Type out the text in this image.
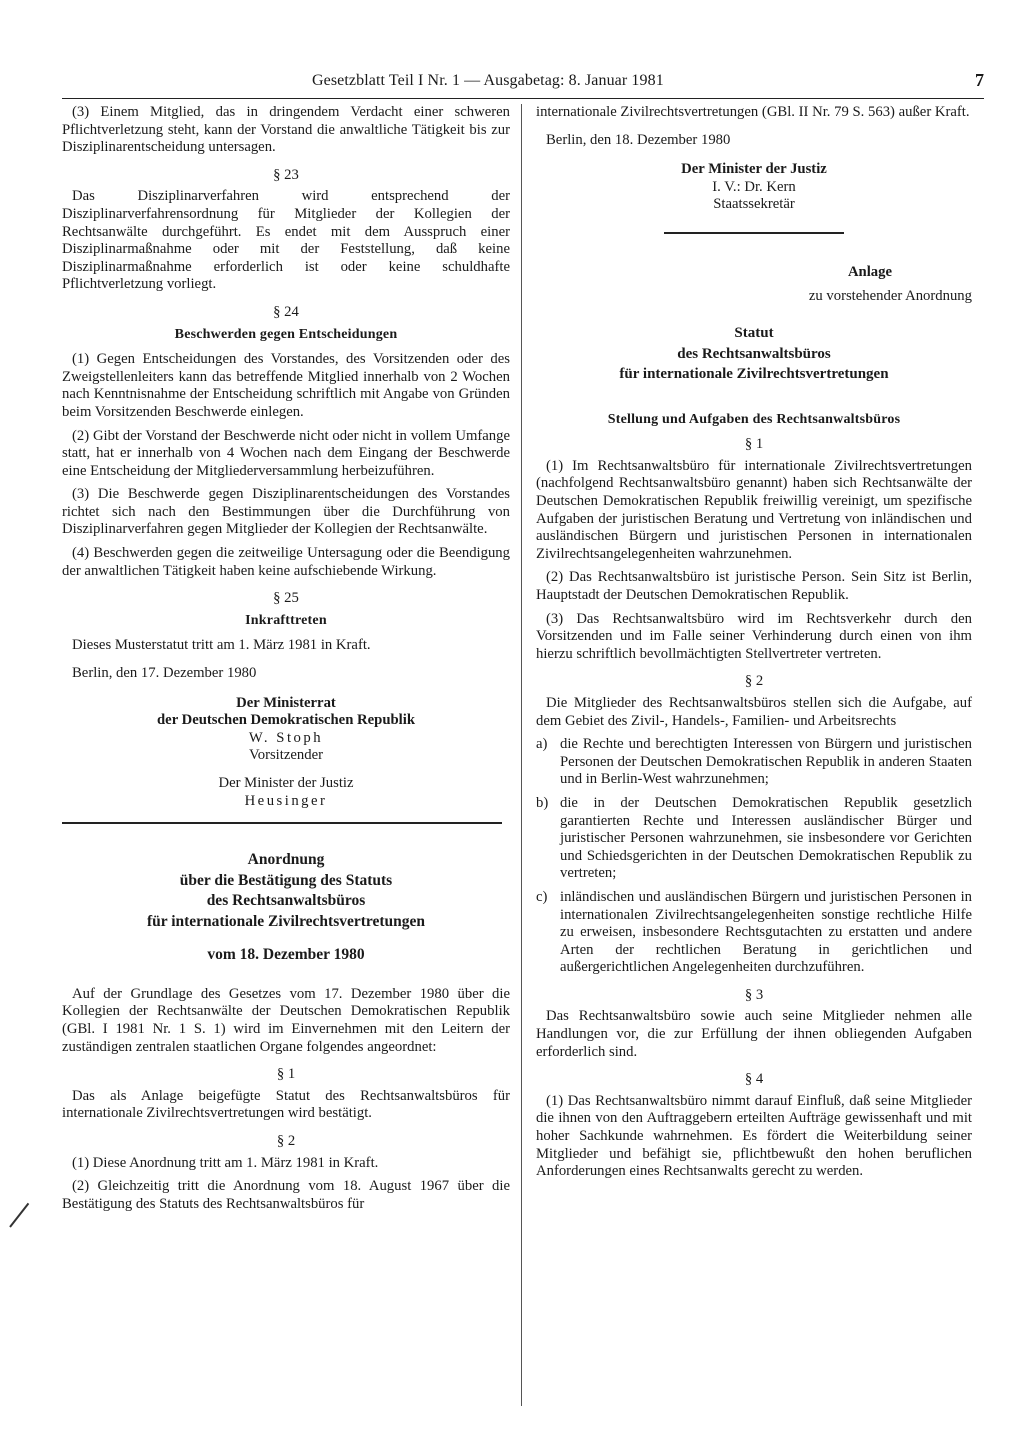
Gesetzblatt Teil I Nr. 1 — Ausgabetag: 8. Januar 1981	7

(3) Einem Mitglied, das in dringendem Verdacht einer schweren Pflichtverletzung steht, kann der Vorstand die anwaltliche Tätigkeit bis zur Disziplinarentscheidung untersagen.

§ 23

Das Disziplinarverfahren wird entsprechend der Disziplinarverfahrensordnung für Mitglieder der Kollegien der Rechtsanwälte durchgeführt. Es endet mit dem Ausspruch einer Disziplinarmaßnahme oder mit der Feststellung, daß keine Disziplinarmaßnahme erforderlich ist oder keine schuldhafte Pflichtverletzung vorliegt.

§ 24
Beschwerden gegen Entscheidungen

(1) Gegen Entscheidungen des Vorstandes, des Vorsitzenden oder des Zweigstellenleiters kann das betreffende Mitglied innerhalb von 2 Wochen nach Kenntnisnahme der Entscheidung schriftlich mit Angabe von Gründen beim Vorsitzenden Beschwerde einlegen.

(2) Gibt der Vorstand der Beschwerde nicht oder nicht in vollem Umfange statt, hat er innerhalb von 4 Wochen nach dem Eingang der Beschwerde eine Entscheidung der Mitgliederversammlung herbeizuführen.

(3) Die Beschwerde gegen Disziplinarentscheidungen des Vorstandes richtet sich nach den Bestimmungen über die Durchführung von Disziplinarverfahren gegen Mitglieder der Kollegien der Rechtsanwälte.

(4) Beschwerden gegen die zeitweilige Untersagung oder die Beendigung der anwaltlichen Tätigkeit haben keine aufschiebende Wirkung.

§ 25
Inkrafttreten

Dieses Musterstatut tritt am 1. März 1981 in Kraft.

Berlin, den 17. Dezember 1980

Der Ministerrat
der Deutschen Demokratischen Republik
W. Stoph
Vorsitzender
Der Minister der Justiz
Heusinger
Anordnung
über die Bestätigung des Statuts
des Rechtsanwaltsbüros
für internationale Zivilrechtsvertretungen
vom 18. Dezember 1980

Auf der Grundlage des Gesetzes vom 17. Dezember 1980 über die Kollegien der Rechtsanwälte der Deutschen Demokratischen Republik (GBl. I 1981 Nr. 1 S. 1) wird im Einvernehmen mit den Leitern der zuständigen zentralen staatlichen Organe folgendes angeordnet:

§ 1

Das als Anlage beigefügte Statut des Rechtsanwaltsbüros für internationale Zivilrechtsvertretungen wird bestätigt.

§ 2

(1) Diese Anordnung tritt am 1. März 1981 in Kraft.

(2) Gleichzeitig tritt die Anordnung vom 18. August 1967 über die Bestätigung des Statuts des Rechtsanwaltsbüros für

internationale Zivilrechtsvertretungen (GBl. II Nr. 79 S. 563) außer Kraft.

Berlin, den 18. Dezember 1980

Der Minister der Justiz
I. V.: Dr. Kern
Staatssekretär
Anlage
zu vorstehender Anordnung
Statut
des Rechtsanwaltsbüros
für internationale Zivilrechtsvertretungen
Stellung und Aufgaben des Rechtsanwaltsbüros
§ 1

(1) Im Rechtsanwaltsbüro für internationale Zivilrechtsvertretungen (nachfolgend Rechtsanwaltsbüro genannt) haben sich Rechtsanwälte der Deutschen Demokratischen Republik freiwillig vereinigt, um spezifische Aufgaben der juristischen Beratung und Vertretung von inländischen und ausländischen Bürgern und juristischen Personen in internationalen Zivilrechtsangelegenheiten wahrzunehmen.

(2) Das Rechtsanwaltsbüro ist juristische Person. Sein Sitz ist Berlin, Hauptstadt der Deutschen Demokratischen Republik.

(3) Das Rechtsanwaltsbüro wird im Rechtsverkehr durch den Vorsitzenden und im Falle seiner Verhinderung durch einen von ihm hierzu schriftlich bevollmächtigten Stellvertreter vertreten.

§ 2

Die Mitglieder des Rechtsanwaltsbüros stellen sich die Aufgabe, auf dem Gebiet des Zivil-, Handels-, Familien- und Arbeitsrechts

a) die Rechte und berechtigten Interessen von Bürgern und juristischen Personen der Deutschen Demokratischen Republik in anderen Staaten und in Berlin-West wahrzunehmen;
b) die in der Deutschen Demokratischen Republik gesetzlich garantierten Rechte und Interessen ausländischer Bürger und juristischer Personen wahrzunehmen, sie insbesondere vor Gerichten und Schiedsgerichten in der Deutschen Demokratischen Republik zu vertreten;
c) inländischen und ausländischen Bürgern und juristischen Personen in internationalen Zivilrechtsangelegenheiten sonstige rechtliche Hilfe zu erweisen, insbesondere Rechtsgutachten zu erstatten und andere Arten der rechtlichen Beratung in gerichtlichen und außergerichtlichen Angelegenheiten durchzuführen.
§ 3

Das Rechtsanwaltsbüro sowie auch seine Mitglieder nehmen alle Handlungen vor, die zur Erfüllung der ihnen obliegenden Aufgaben erforderlich sind.

§ 4

(1) Das Rechtsanwaltsbüro nimmt darauf Einfluß, daß seine Mitglieder die ihnen von den Auftraggebern erteilten Aufträge gewissenhaft und mit hoher Sachkunde wahrnehmen. Es fördert die Weiterbildung seiner Mitglieder und befähigt sie, pflichtbewußt den hohen beruflichen Anforderungen eines Rechtsanwalts gerecht zu werden.
